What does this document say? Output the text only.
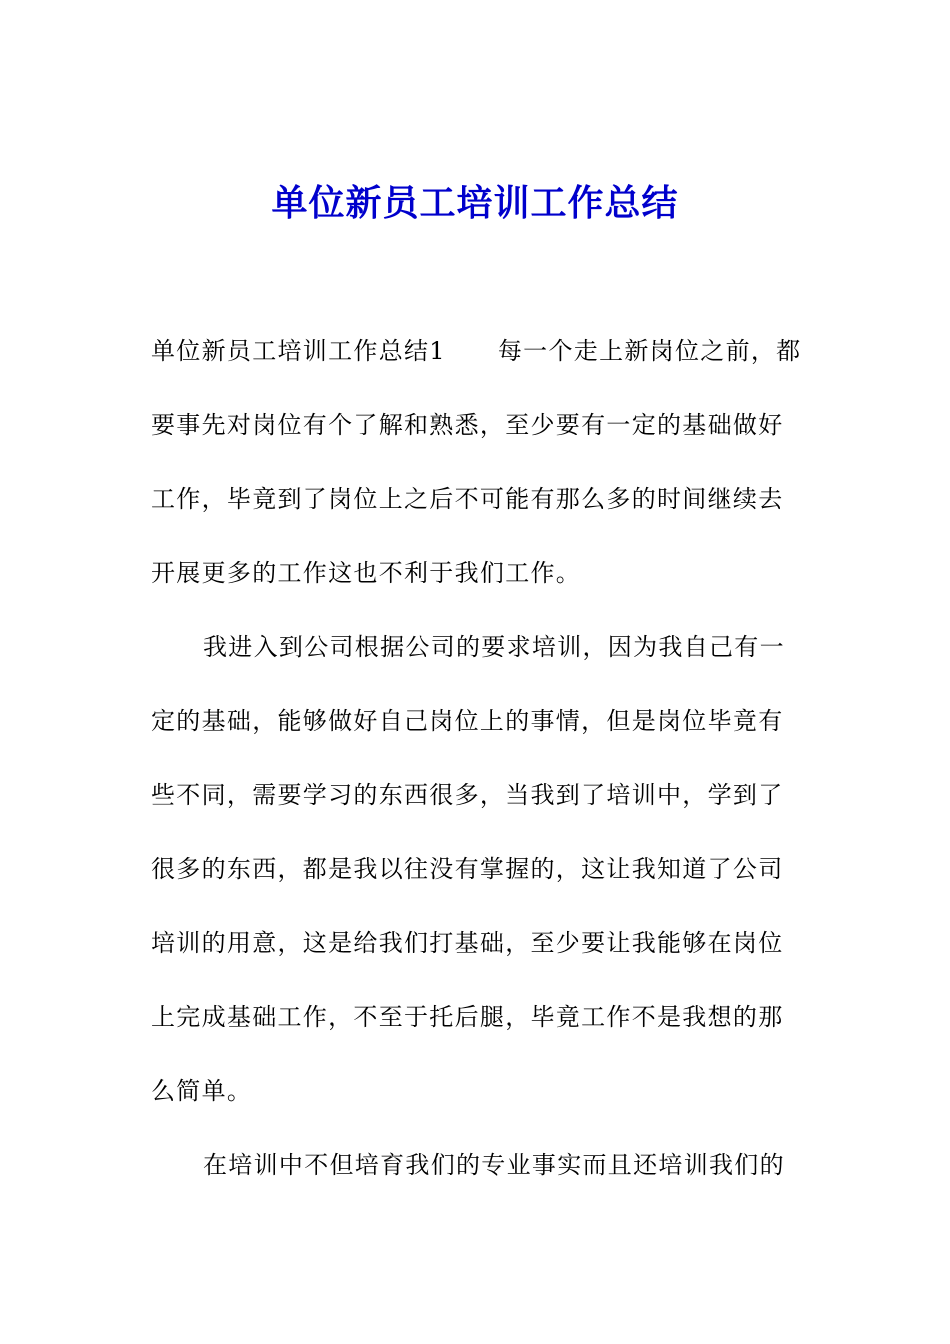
单位新员工培训工作总结
单位新员工培训工作总结1 每一个走上新岗位之前，都
要事先对岗位有个了解和熟悉，至少要有一定的基础做好
工作，毕竟到了岗位上之后不可能有那么多的时间继续去
开展更多的工作这也不利于我们工作。
我进入到公司根据公司的要求培训，因为我自己有一
定的基础，能够做好自己岗位上的事情，但是岗位毕竟有
些不同，需要学习的东西很多，当我到了培训中，学到了
很多的东西，都是我以往没有掌握的，这让我知道了公司
培训的用意，这是给我们打基础，至少要让我能够在岗位
上完成基础工作，不至于托后腿，毕竟工作不是我想的那
么简单。
在培训中不但培育我们的专业事实而且还培训我们的
